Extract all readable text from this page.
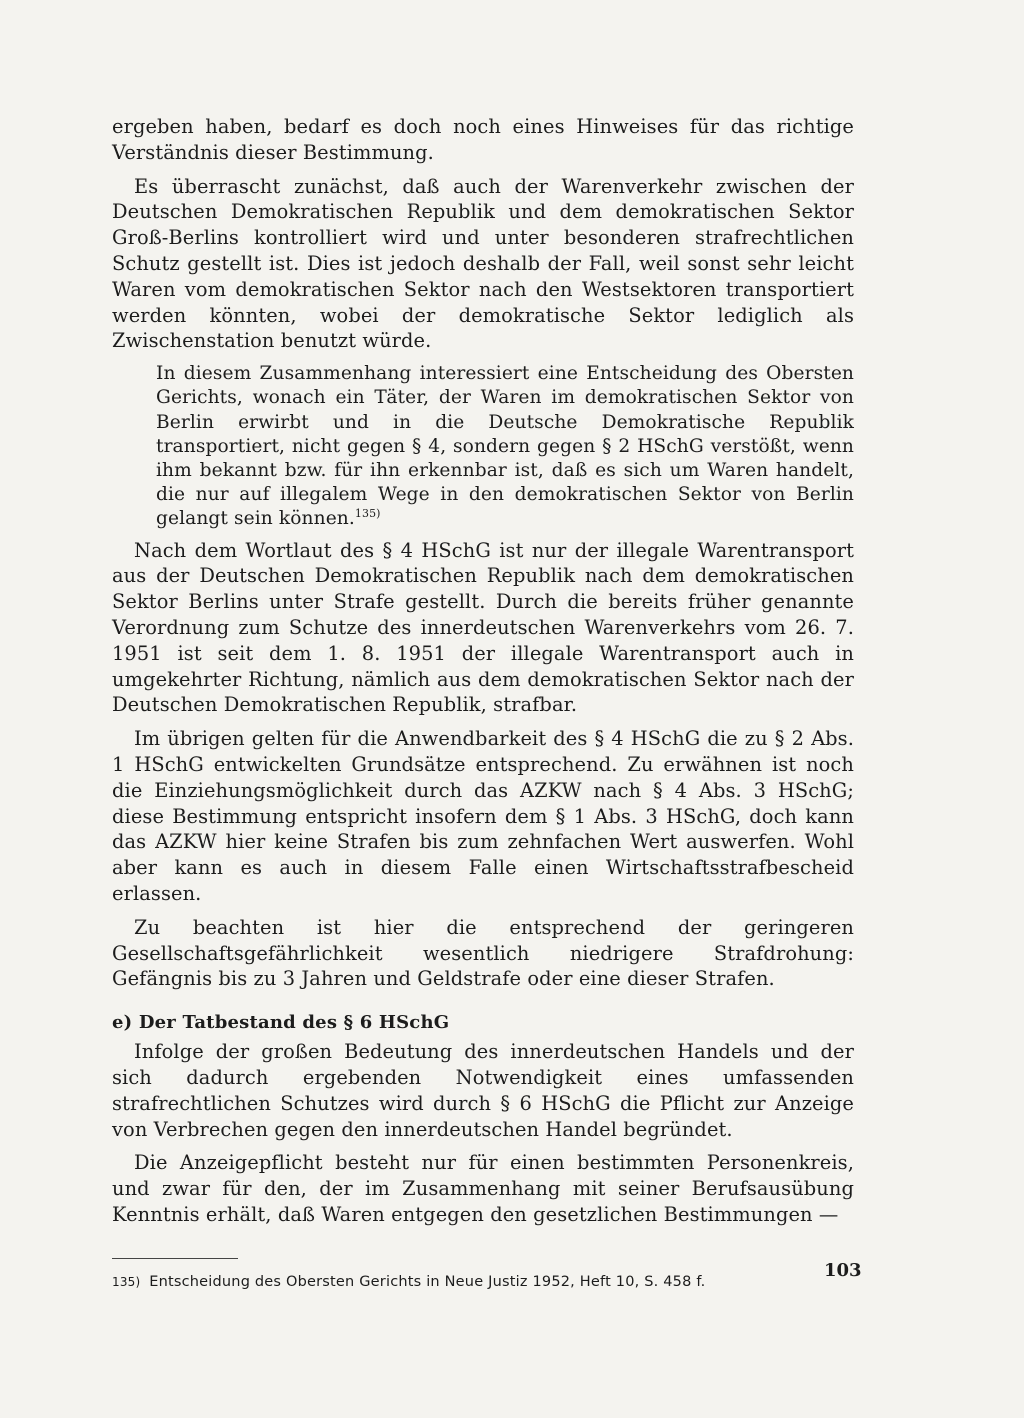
ergeben haben, bedarf es doch noch eines Hinweises für das richtige Verständnis dieser Bestimmung.

Es überrascht zunächst, daß auch der Warenverkehr zwischen der Deutschen Demokratischen Republik und dem demokratischen Sektor Groß-Berlins kontrolliert wird und unter besonderen strafrechtlichen Schutz gestellt ist. Dies ist jedoch deshalb der Fall, weil sonst sehr leicht Waren vom demokratischen Sektor nach den Westsektoren transportiert werden könnten, wobei der demokratische Sektor lediglich als Zwischenstation benutzt würde.

In diesem Zusammenhang interessiert eine Entscheidung des Obersten Gerichts, wonach ein Täter, der Waren im demokratischen Sektor von Berlin erwirbt und in die Deutsche Demokratische Republik transportiert, nicht gegen § 4, sondern gegen § 2 HSchG verstößt, wenn ihm bekannt bzw. für ihn erkennbar ist, daß es sich um Waren handelt, die nur auf illegalem Wege in den demokratischen Sektor von Berlin gelangt sein können.$^{135)}$

Nach dem Wortlaut des § 4 HSchG ist nur der illegale Warentransport aus der Deutschen Demokratischen Republik nach dem demokratischen Sektor Berlins unter Strafe gestellt. Durch die bereits früher genannte Verordnung zum Schutze des innerdeutschen Warenverkehrs vom 26. 7. 1951 ist seit dem 1. 8. 1951 der illegale Warentransport auch in umgekehrter Richtung, nämlich aus dem demokratischen Sektor nach der Deutschen Demokratischen Republik, strafbar.

Im übrigen gelten für die Anwendbarkeit des § 4 HSchG die zu § 2 Abs. 1 HSchG entwickelten Grundsätze entsprechend. Zu erwähnen ist noch die Einziehungsmöglichkeit durch das AZKW nach § 4 Abs. 3 HSchG; diese Bestimmung entspricht insofern dem § 1 Abs. 3 HSchG, doch kann das AZKW hier keine Strafen bis zum zehnfachen Wert auswerfen. Wohl aber kann es auch in diesem Falle einen Wirtschaftsstrafbescheid erlassen.

Zu beachten ist hier die entsprechend der geringeren Gesellschaftsgefährlichkeit wesentlich niedrigere Strafdrohung: Gefängnis bis zu 3 Jahren und Geldstrafe oder eine dieser Strafen.

e) Der Tatbestand des § 6 HSchG

Infolge der großen Bedeutung des innerdeutschen Handels und der sich dadurch ergebenden Notwendigkeit eines umfassenden strafrechtlichen Schutzes wird durch § 6 HSchG die Pflicht zur Anzeige von Verbrechen gegen den innerdeutschen Handel begründet.

Die Anzeigepflicht besteht nur für einen bestimmten Personenkreis, und zwar für den, der im Zusammenhang mit seiner Berufsausübung Kenntnis erhält, daß Waren entgegen den gesetzlichen Bestimmungen —

135) Entscheidung des Obersten Gerichts in Neue Justiz 1952, Heft 10, S. 458 f.

103
